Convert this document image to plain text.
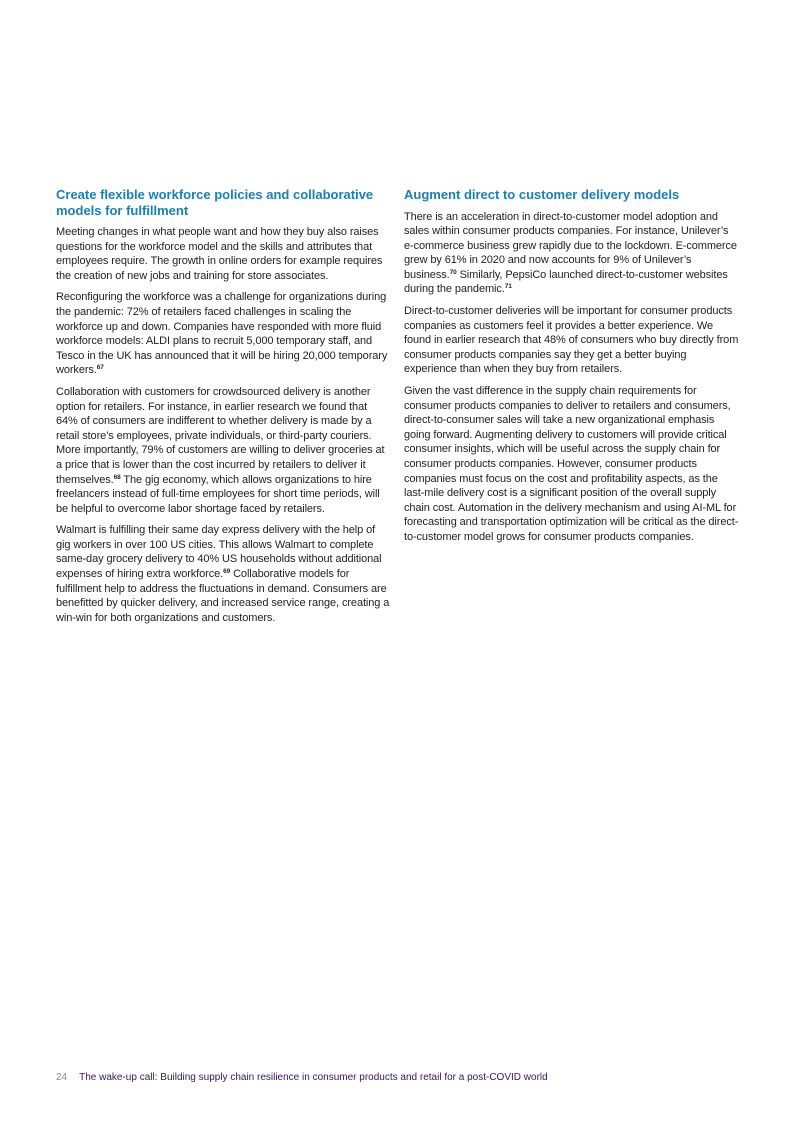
Create flexible workforce policies and collaborative models for fulfillment

Meeting changes in what people want and how they buy also raises questions for the workforce model and the skills and attributes that employees require. The growth in online orders for example requires the creation of new jobs and training for store associates.

Reconfiguring the workforce was a challenge for organizations during the pandemic: 72% of retailers faced challenges in scaling the workforce up and down. Companies have responded with more fluid workforce models: ALDI plans to recruit 5,000 temporary staff, and Tesco in the UK has announced that it will be hiring 20,000 temporary workers.$^{67}$

Collaboration with customers for crowdsourced delivery is another option for retailers. For instance, in earlier research we found that 64% of consumers are indifferent to whether delivery is made by a retail store’s employees, private individuals, or third-party couriers. More importantly, 79% of customers are willing to deliver groceries at a price that is lower than the cost incurred by retailers to deliver it themselves.$^{68}$ The gig economy, which allows organizations to hire freelancers instead of full-time employees for short time periods, will be helpful to overcome labor shortage faced by retailers.

Walmart is fulfilling their same day express delivery with the help of gig workers in over 100 US cities. This allows Walmart to complete same-day grocery delivery to 40% US households without additional expenses of hiring extra workforce.$^{69}$ Collaborative models for fulfillment help to address the fluctuations in demand. Consumers are benefitted by quicker delivery, and increased service range, creating a win-win for both organizations and customers.

Augment direct to customer delivery models

There is an acceleration in direct-to-customer model adoption and sales within consumer products companies. For instance, Unilever’s e-commerce business grew rapidly due to the lockdown. E-commerce grew by 61% in 2020 and now accounts for 9% of Unilever’s business.$^{70}$ Similarly, PepsiCo launched direct-to-customer websites during the pandemic.$^{71}$

Direct-to-customer deliveries will be important for consumer products companies as customers feel it provides a better experience. We found in earlier research that 48% of consumers who buy directly from consumer products companies say they get a better buying experience than when they buy from retailers.

Given the vast difference in the supply chain requirements for consumer products companies to deliver to retailers and consumers, direct-to-consumer sales will take a new organizational emphasis going forward. Augmenting delivery to customers will provide critical consumer insights, which will be useful across the supply chain for consumer products companies. However, consumer products companies must focus on the cost and profitability aspects, as the last-mile delivery cost is a significant position of the overall supply chain cost. Automation in the delivery mechanism and using AI-ML for forecasting and transportation optimization will be critical as the direct-to-customer model grows for consumer products companies.

24 The wake-up call: Building supply chain resilience in consumer products and retail for a post-COVID world
